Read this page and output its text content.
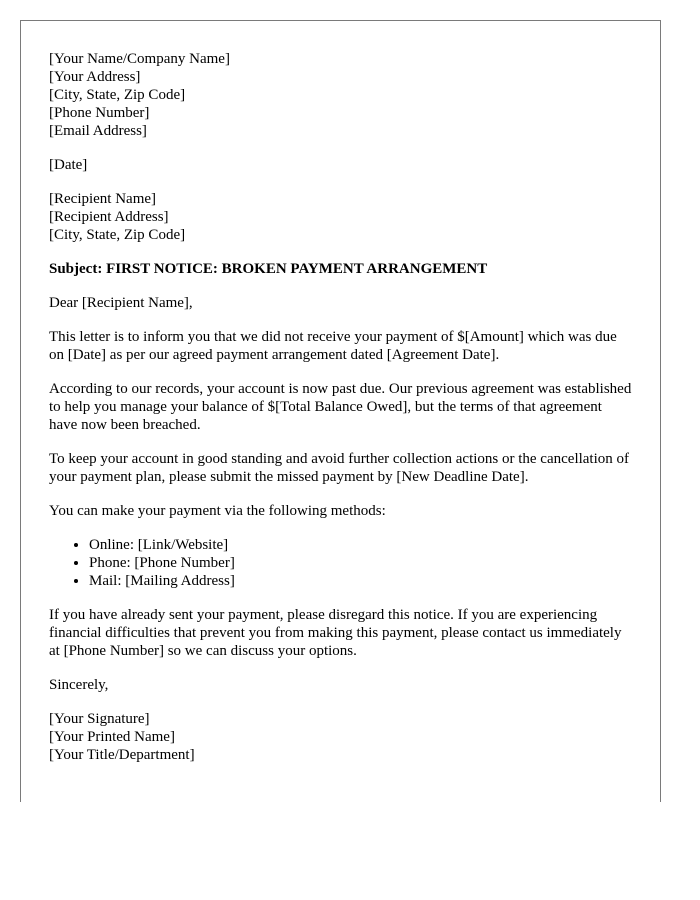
[Your Name/Company Name]
[Your Address]
[City, State, Zip Code]
[Phone Number]
[Email Address]
[Date]
[Recipient Name]
[Recipient Address]
[City, State, Zip Code]
Subject: FIRST NOTICE: BROKEN PAYMENT ARRANGEMENT

Dear [Recipient Name],

This letter is to inform you that we did not receive your payment of $[Amount] which was due on [Date] as per our agreed payment arrangement dated [Agreement Date].

According to our records, your account is now past due. Our previous agreement was established to help you manage your balance of $[Total Balance Owed], but the terms of that agreement have now been breached.

To keep your account in good standing and avoid further collection actions or the cancellation of your payment plan, please submit the missed payment by [New Deadline Date].

You can make your payment via the following methods:

• Online: [Link/Website]
• Phone: [Phone Number]
• Mail: [Mailing Address]

If you have already sent your payment, please disregard this notice. If you are experiencing financial difficulties that prevent you from making this payment, please contact us immediately at [Phone Number] so we can discuss your options.

Sincerely,

[Your Signature]
[Your Printed Name]
[Your Title/Department]
